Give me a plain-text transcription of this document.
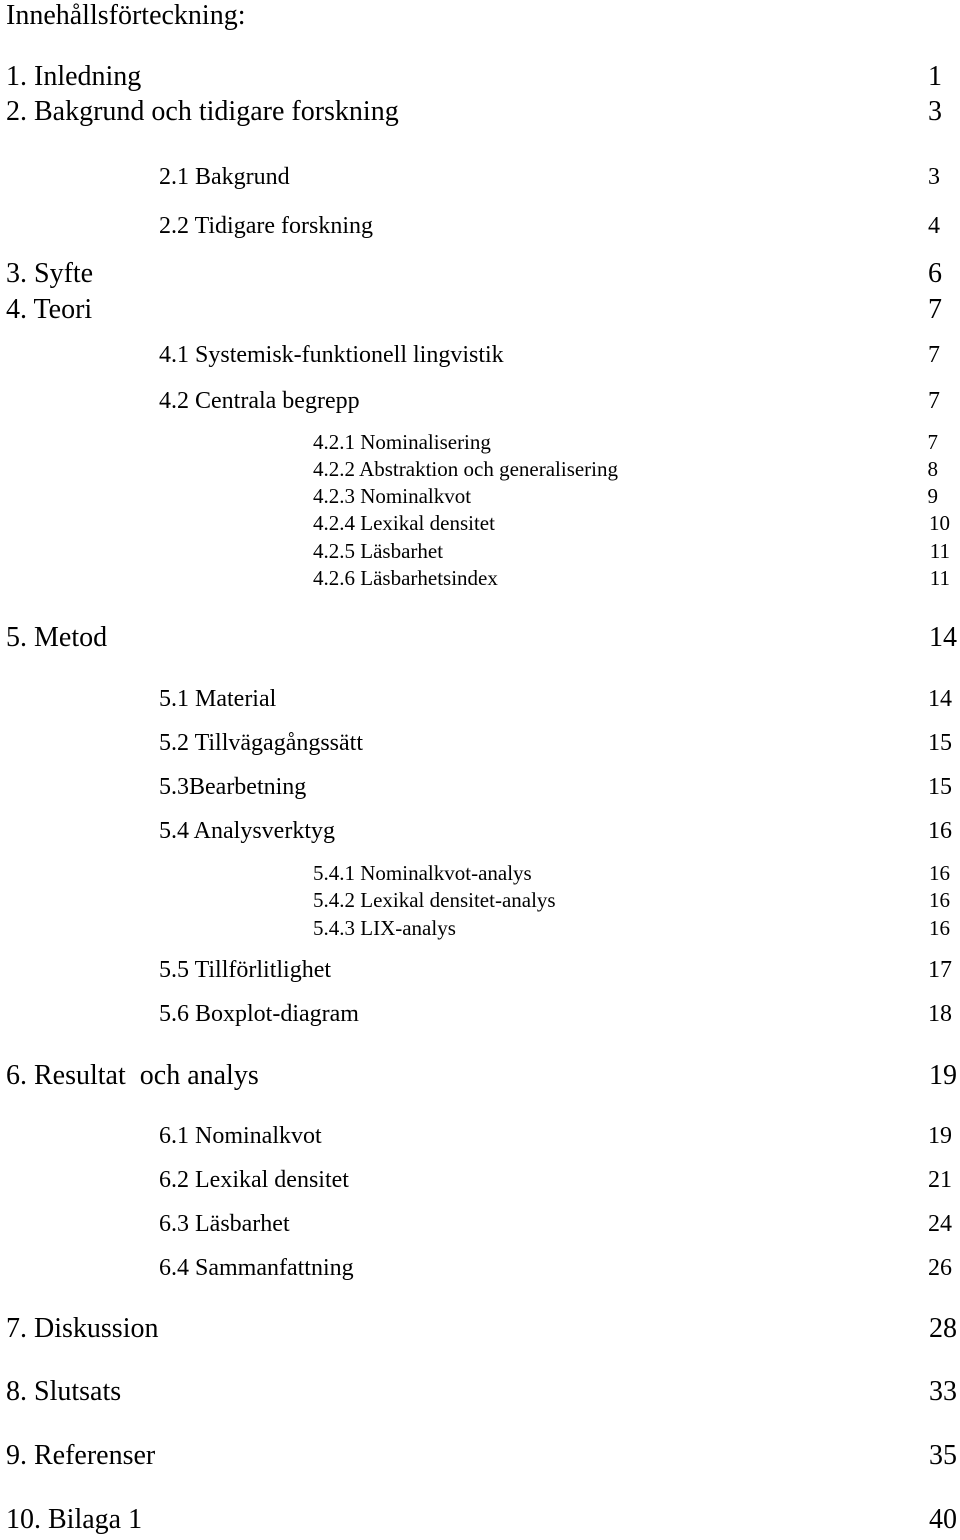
Innehållsförteckning:
1. Inledning	1
2. Bakgrund och tidigare forskning	3
2.1 Bakgrund	3
2.2 Tidigare forskning	4
3. Syfte	6
4. Teori	7
4.1 Systemisk-funktionell lingvistik	7
4.2 Centrala begrepp	7
4.2.1 Nominalisering	7
4.2.2 Abstraktion och generalisering	8
4.2.3 Nominalkvot	9
4.2.4 Lexikal densitet	10
4.2.5 Läsbarhet	11
4.2.6 Läsbarhetsindex	11
5. Metod	14
5.1 Material	14
5.2 Tillvägagångssätt	15
5.3Bearbetning	15
5.4 Analysverktyg	16
5.4.1 Nominalkvot-analys	16
5.4.2 Lexikal densitet-analys	16
5.4.3 LIX-analys	16
5.5 Tillförlitlighet	17
5.6 Boxplot-diagram	18
6. Resultat  och analys	19
6.1 Nominalkvot	19
6.2 Lexikal densitet	21
6.3 Läsbarhet	24
6.4 Sammanfattning	26
7. Diskussion	28
8. Slutsats	33
9. Referenser	35
10. Bilaga 1	40
